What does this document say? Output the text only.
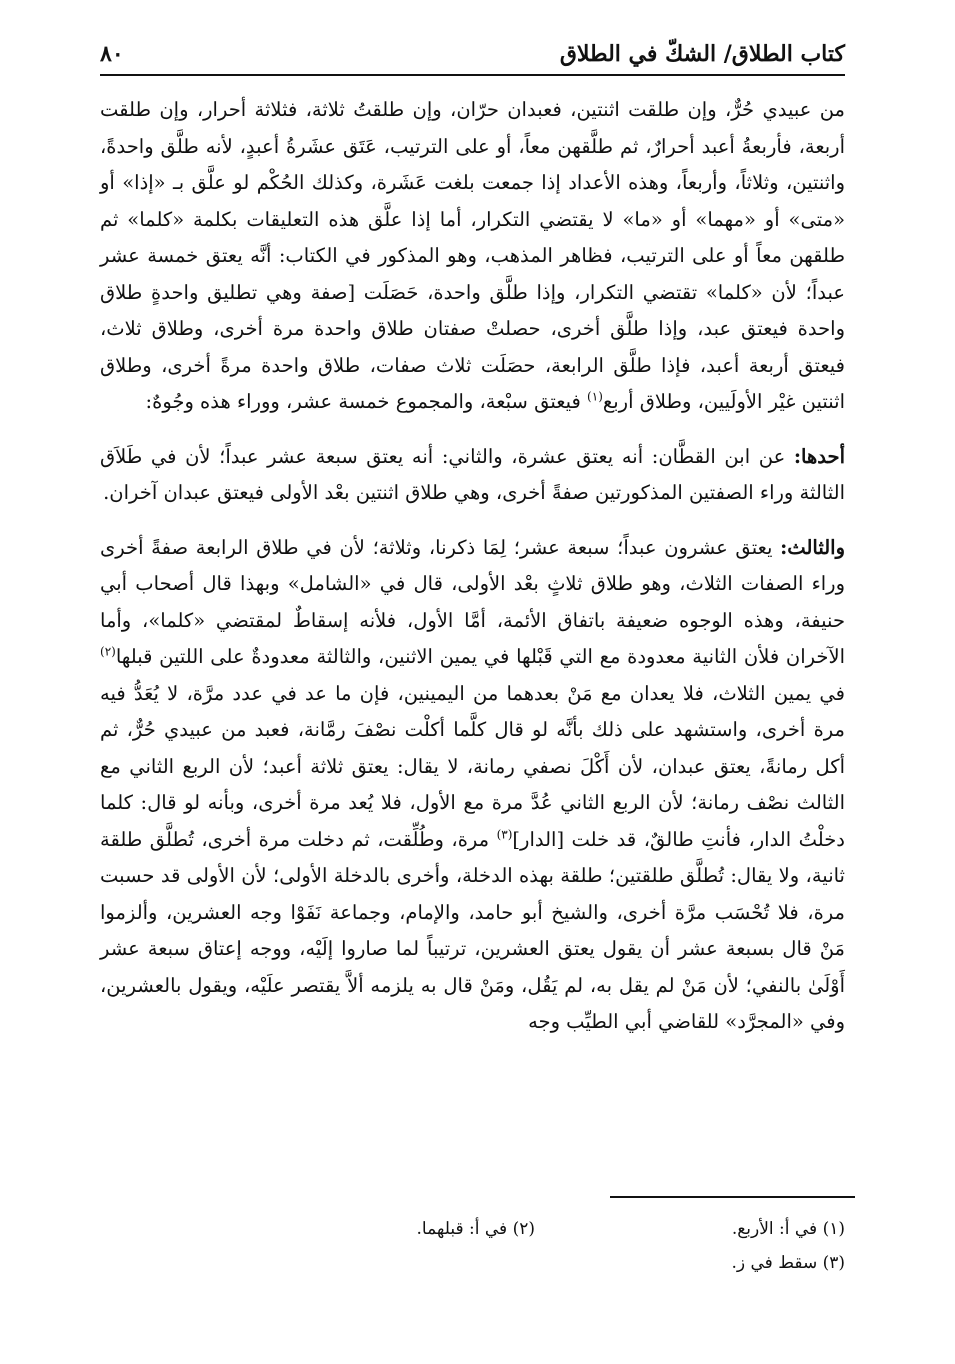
كتاب الطلاق/ الشكّ في الطلاق
٨٠

من عبيدي حُرٌّ، وإن طلقت اثنتين، فعبدان حرّان، وإن طلقتُ ثلاثة، فثلاثة أحرار، وإن طلقت أربعة، فأربعةُ أعبد أحرارٌ، ثم طلَّقهن معاً، أو على الترتيب، عَتَق عشَرةُ أعبدٍ، لأنه طلَّق واحدةً، واثنتين، وثلاثاً، وأربعاً، وهذه الأعداد إذا جمعت بلغت عَشَرة، وكذلك الحُكْم لو علَّق بـ «إذا» أو «متى» أو «مهما» أو «ما» لا يقتضي التكرار، أما إذا علَّق هذه التعليقات بكلمة «كلما» ثم طلقهن معاً أو على الترتيب، فظاهر المذهب، وهو المذكور في الكتاب: أنَّه يعتق خمسة عشر عبداً؛ لأن «كلما» تقتضي التكرار، وإذا طلَّق واحدة، حَصَلَت [صفة وهي تطليق واحدةٍ طلاق واحدة فيعتق عبد، وإذا طلَّق أخرى، حصلتْ صفتان طلاق واحدة مرة أخرى، وطلاق ثلاث، فيعتق أربعة أعبد، فإذا طلَّق الرابعة، حصَلَت ثلاث صفات، طلاق واحدة مرةً أخرى، وطلاق اثنتين غيْر الأولَيين، وطلاق أربع$^{(١)}$ فيعتق سبْعة، والمجموع خمسة عشر، ووراء هذه وجُوهٌ:

أحدها: عن ابن القطَّان: أنه يعتق عشرة، والثاني: أنه يعتق سبعة عشر عبداً؛ لأن في طَلاَق الثالثة وراء الصفتين المذكورتين صفةً أخرى، وهي طلاق اثنتين بعْد الأولى فيعتق عبدان آخران.

والثالث: يعتق عشرون عبداً؛ سبعة عشر؛ لِمَا ذكرنا، وثلاثة؛ لأن في طلاق الرابعة صفةً أخرى وراء الصفات الثلاث، وهو طلاق ثلاثٍ بعْد الأولى، قال في «الشامل» وبهذا قال أصحاب أبي حنيفة، وهذه الوجوه ضعيفة باتفاق الأئمة، أمَّا الأول، فلأنه إسقاطٌ لمقتضي «كلما»، وأما الآخران فلأن الثانية معدودة مع التي قَبْلها في يمين الاثنين، والثالثة معدودةٌ على اللتين قبلها$^{(٢)}$ في يمين الثلاث، فلا يعدان مع مَنْ بعدهما من اليمينين، فإن ما عد في عدد مرَّة، لا يُعَدُّ فيه مرة أخرى، واستشهد على ذلك بأنَّه لو قال كلَّما أكلْت نصْفَ رمَّانة، فعبد من عبيدي حُرٌّ، ثم أكل رمانةً، يعتق عبدان، لأن أَكْلَ نصفي رمانة، لا يقال: يعتق ثلاثة أعبد؛ لأن الربع الثاني مع الثالث نصْف رمانة؛ لأن الربع الثاني عُدَّ مرة مع الأول، فلا يُعد مرة أخرى، وبأنه لو قال: كلما دخلْتُ الدار، فأنتِ طالقٌ، قد خلت [الدار]$^{(٣)}$ مرة، وطُلِّقت، ثم دخلت مرة أخرى، تُطلَّق طلقة ثانية، ولا يقال: تُطلَّق طلقتين؛ طلقة بهذه الدخلة، وأخرى بالدخلة الأولى؛ لأن الأولى قد حسبت مرة، فلا تُحْسَب مرَّة أخرى، والشيخ أبو حامد، والإمام، وجماعة نَفَوْا وجه العشرين، وألزموا مَنْ قال بسبعة عشر أن يقول يعتق العشرين، ترتيباً لما صاروا إلَيْه، ووجه إعتاق سبعة عشر أَوْلَىٰ بالنفي؛ لأن مَنْ لم يقل به، لم يَقُل، ومَنْ قال به يلزمه ألاَّ يقتصر علَيْه، ويقول بالعشرين، وفي «المجرَّد» للقاضي أبي الطيِّب وجه

(١) في أ: الأربع.
(٢) في أ: قبلهما.
(٣) سقط في ز.
